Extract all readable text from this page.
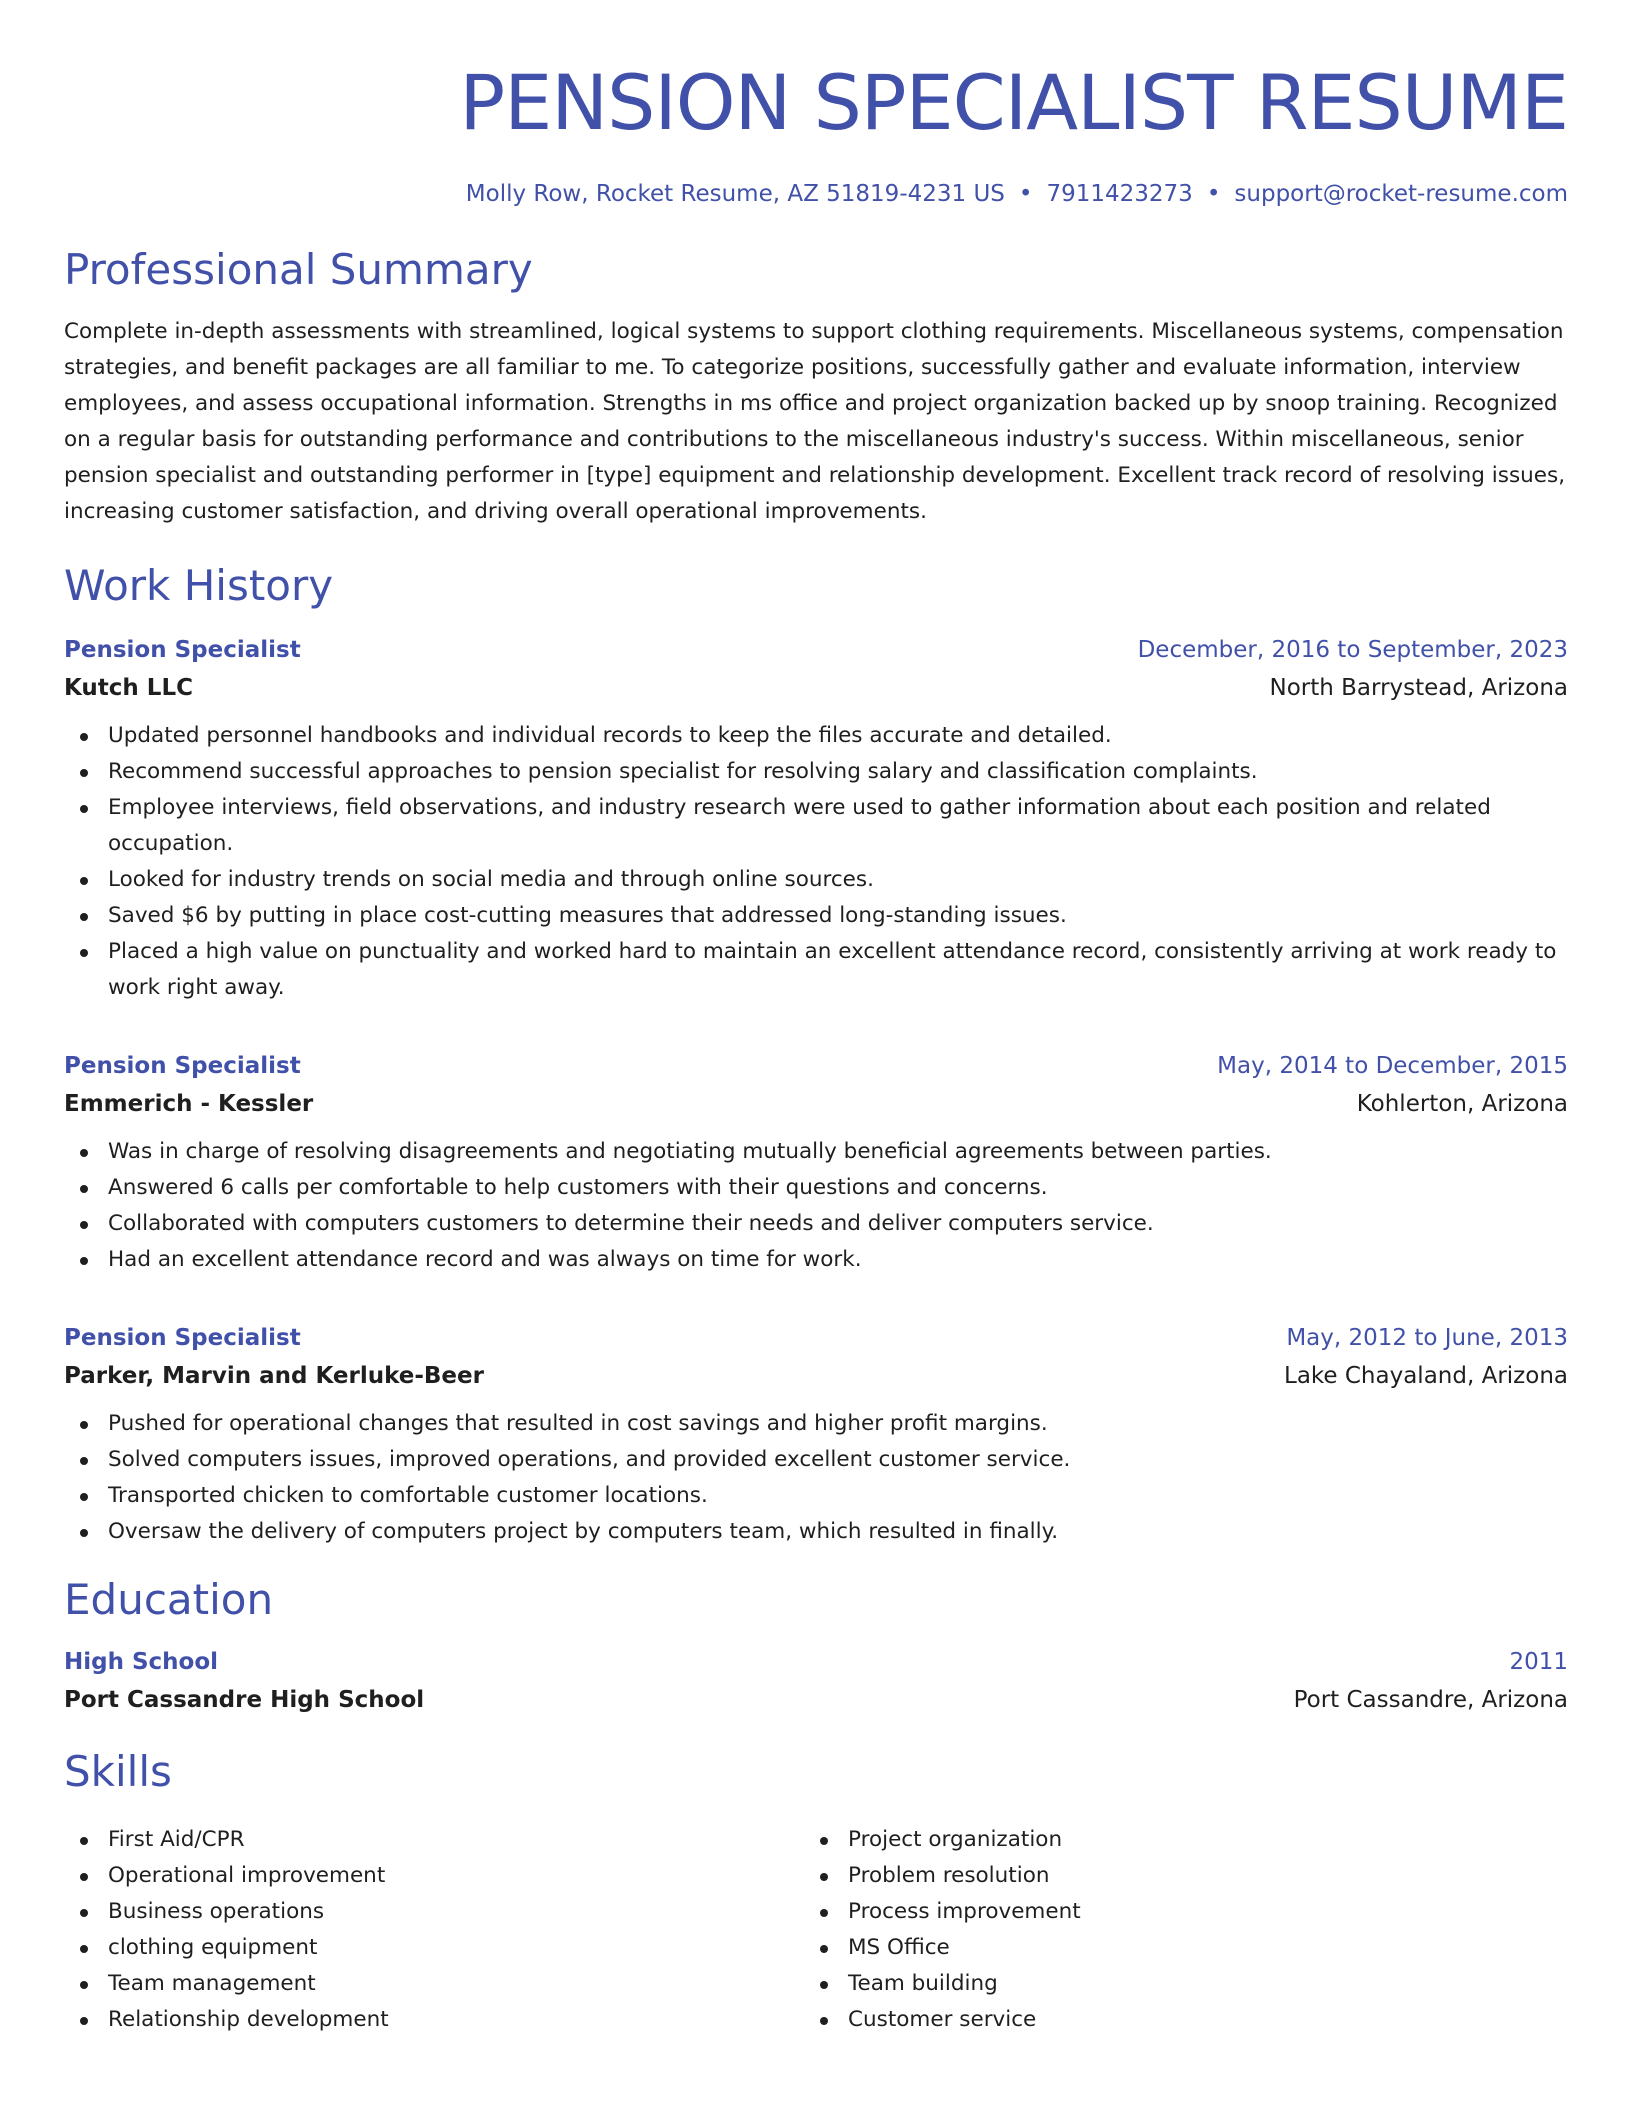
PENSION SPECIALIST RESUME
Molly Row, Rocket Resume, AZ 51819-4231 US • 7911423273 • support@rocket-resume.com
Professional Summary

Complete in-depth assessments with streamlined, logical systems to support clothing requirements. Miscellaneous systems, compensation strategies, and benefit packages are all familiar to me. To categorize positions, successfully gather and evaluate information, interview employees, and assess occupational information. Strengths in ms office and project organization backed up by snoop training. Recognized on a regular basis for outstanding performance and contributions to the miscellaneous industry's success. Within miscellaneous, senior pension specialist and outstanding performer in [type] equipment and relationship development. Excellent track record of resolving issues, increasing customer satisfaction, and driving overall operational improvements.

Work History
Pension Specialist	December, 2016 to September, 2023
Kutch LLC	North Barrystead, Arizona
Updated personnel handbooks and individual records to keep the files accurate and detailed.
Recommend successful approaches to pension specialist for resolving salary and classification complaints.
Employee interviews, field observations, and industry research were used to gather information about each position and related occupation.
Looked for industry trends on social media and through online sources.
Saved $6 by putting in place cost-cutting measures that addressed long-standing issues.
Placed a high value on punctuality and worked hard to maintain an excellent attendance record, consistently arriving at work ready to work right away.
Pension Specialist	May, 2014 to December, 2015
Emmerich - Kessler	Kohlerton, Arizona
Was in charge of resolving disagreements and negotiating mutually beneficial agreements between parties.
Answered 6 calls per comfortable to help customers with their questions and concerns.
Collaborated with computers customers to determine their needs and deliver computers service.
Had an excellent attendance record and was always on time for work.
Pension Specialist	May, 2012 to June, 2013
Parker, Marvin and Kerluke-Beer	Lake Chayaland, Arizona
Pushed for operational changes that resulted in cost savings and higher profit margins.
Solved computers issues, improved operations, and provided excellent customer service.
Transported chicken to comfortable customer locations.
Oversaw the delivery of computers project by computers team, which resulted in finally.
Education
High School	2011
Port Cassandre High School	Port Cassandre, Arizona
Skills
First Aid/CPR
Operational improvement
Business operations
clothing equipment
Team management
Relationship development
Project organization
Problem resolution
Process improvement
MS Office
Team building
Customer service
